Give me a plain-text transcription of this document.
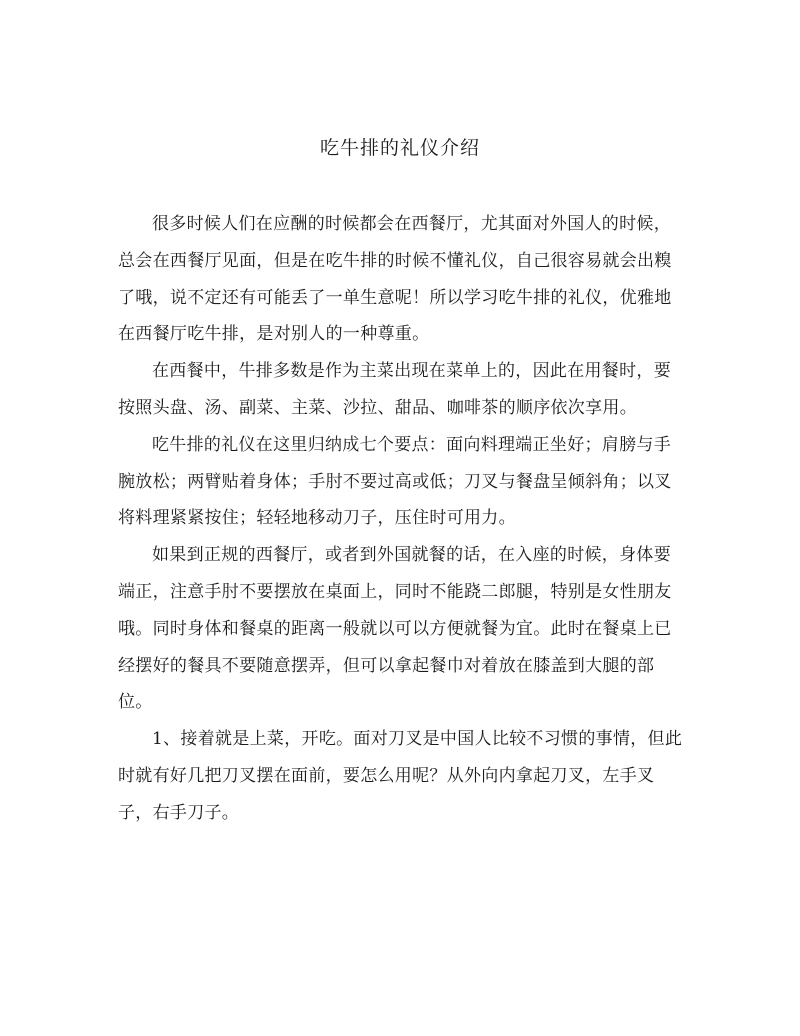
吃牛排的礼仪介绍

很多时候人们在应酬的时候都会在西餐厅，尤其面对外国人的时候，总会在西餐厅见面，但是在吃牛排的时候不懂礼仪，自己很容易就会出糗了哦，说不定还有可能丢了一单生意呢！所以学习吃牛排的礼仪，优雅地在西餐厅吃牛排，是对别人的一种尊重。

在西餐中，牛排多数是作为主菜出现在菜单上的，因此在用餐时，要按照头盘、汤、副菜、主菜、沙拉、甜品、咖啡茶的顺序依次享用。

吃牛排的礼仪在这里归纳成七个要点：面向料理端正坐好；肩膀与手腕放松；两臂贴着身体；手肘不要过高或低；刀叉与餐盘呈倾斜角；以叉将料理紧紧按住；轻轻地移动刀子，压住时可用力。

如果到正规的西餐厅，或者到外国就餐的话，在入座的时候，身体要端正，注意手肘不要摆放在桌面上，同时不能跷二郎腿，特别是女性朋友哦。同时身体和餐桌的距离一般就以可以方便就餐为宜。此时在餐桌上已经摆好的餐具不要随意摆弄，但可以拿起餐巾对着放在膝盖到大腿的部位。

1、接着就是上菜，开吃。面对刀叉是中国人比较不习惯的事情，但此时就有好几把刀叉摆在面前，要怎么用呢？从外向内拿起刀叉，左手叉子，右手刀子。
